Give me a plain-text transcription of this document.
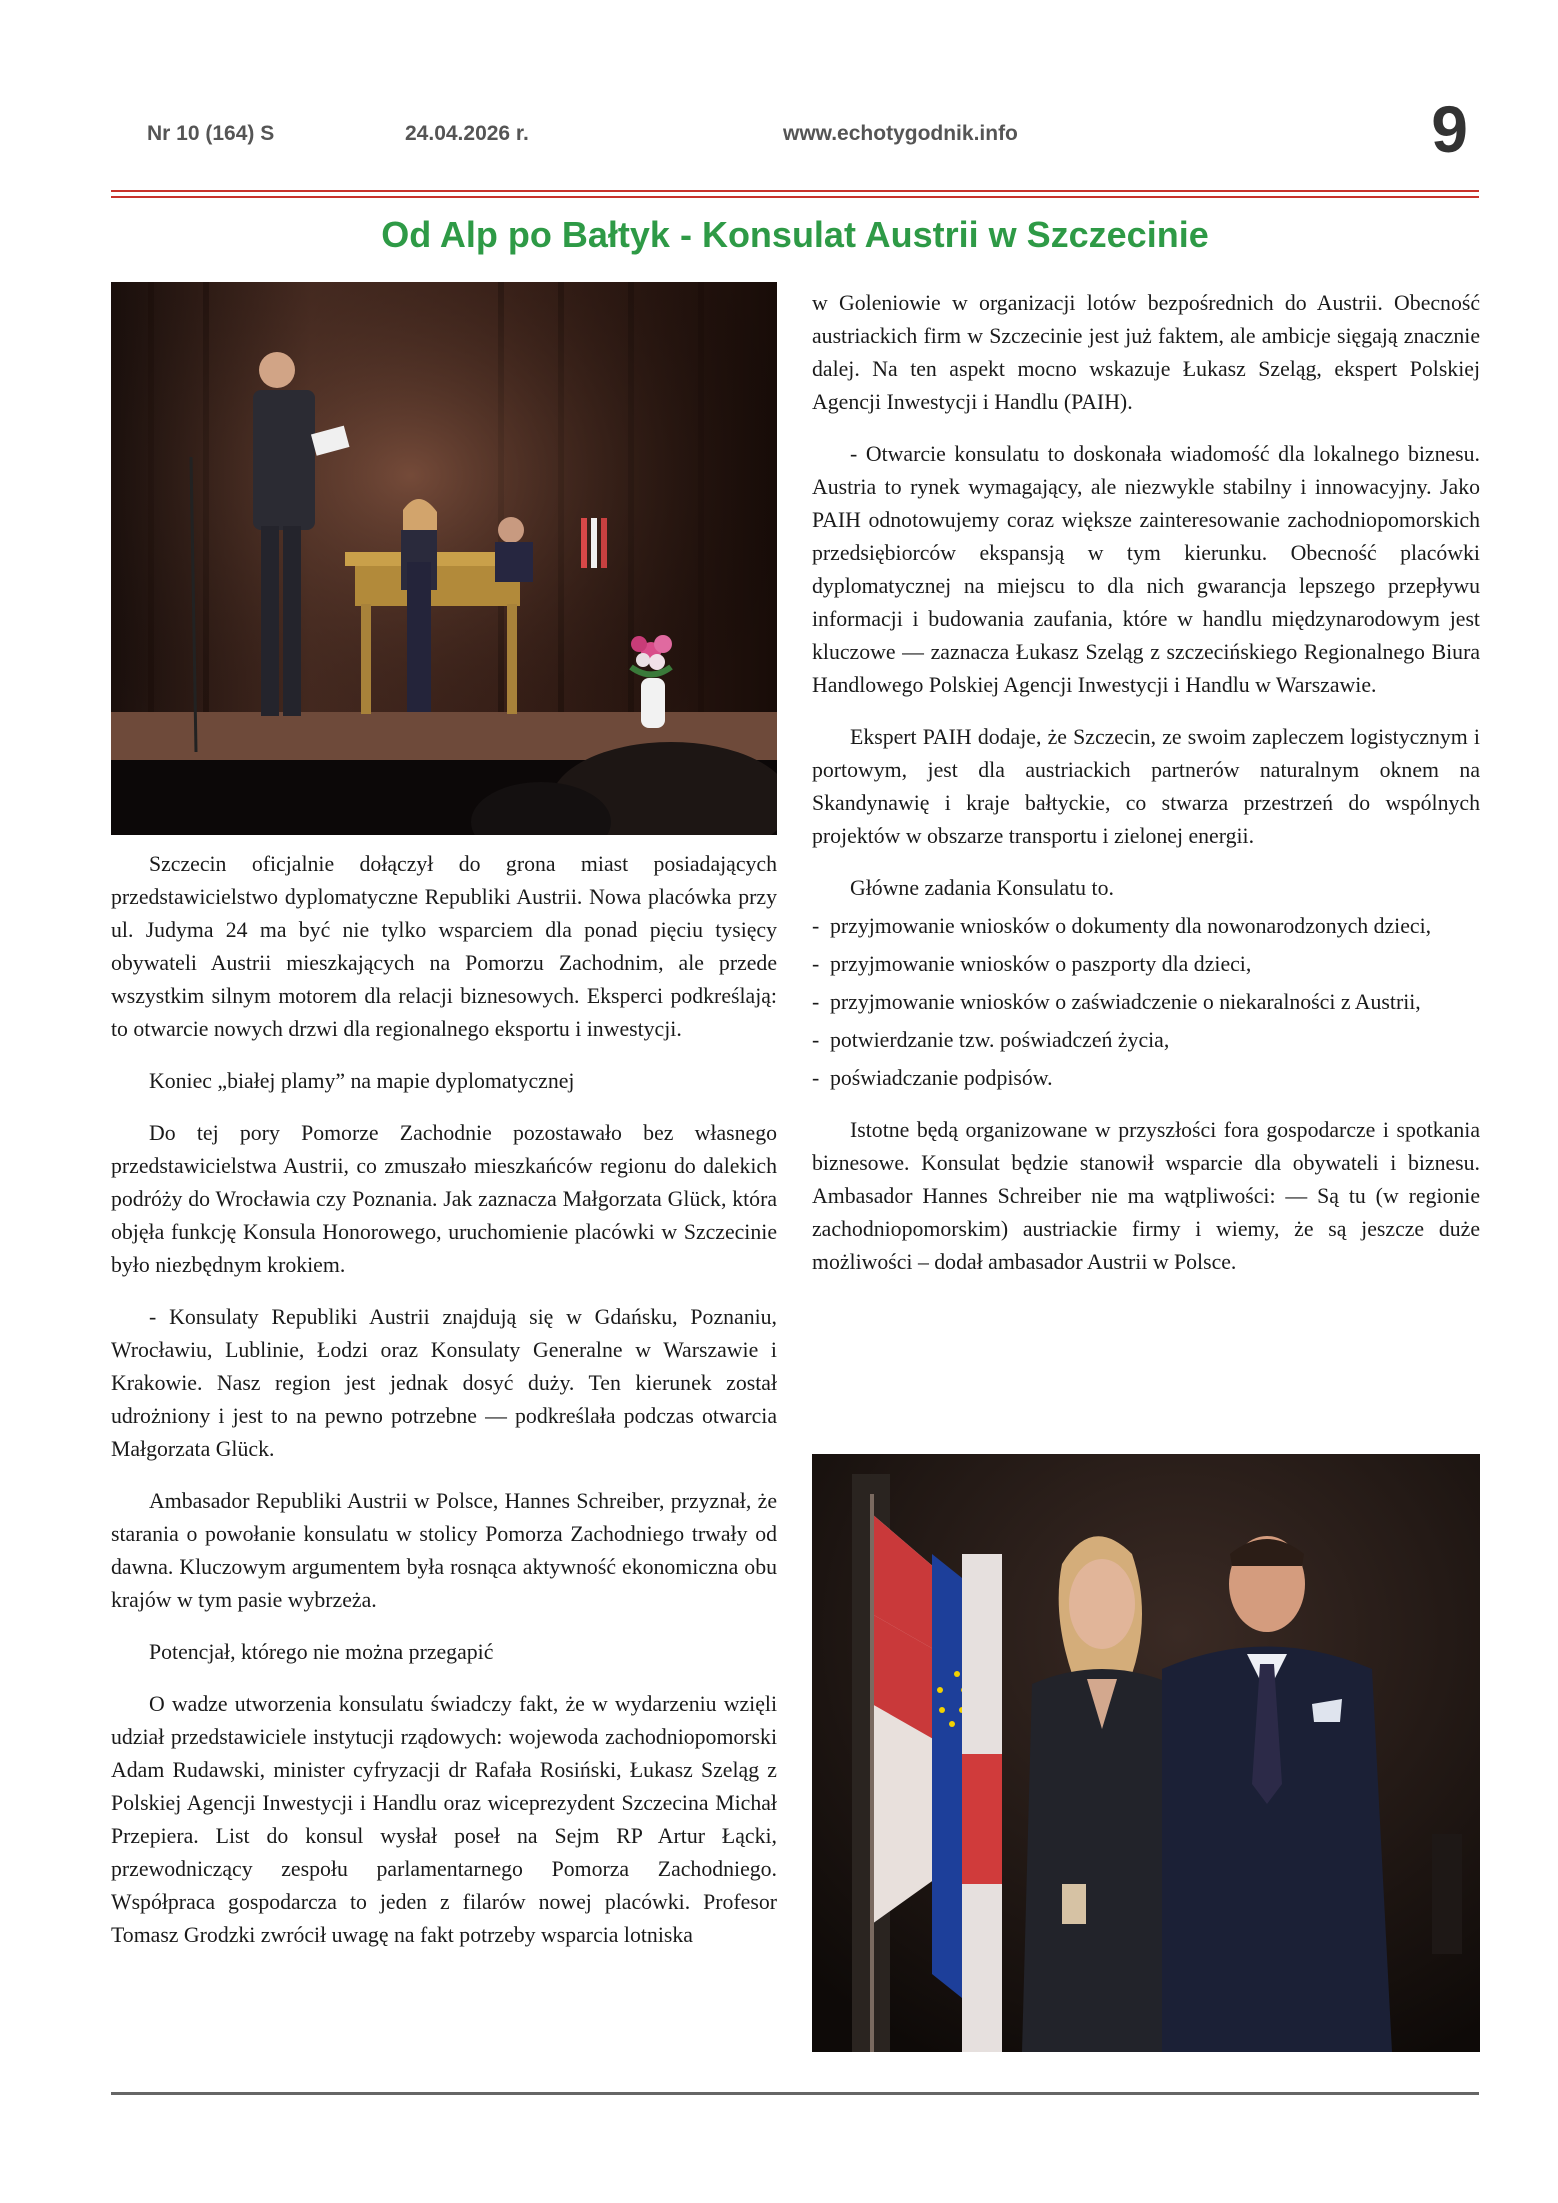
Nr 10 (164) S	24.04.2026 r.	www.echotygodnik.info	9
Od Alp po Bałtyk - Konsulat Austrii w Szczecinie

Szczecin oficjalnie dołączył do grona miast posiadających przedstawicielstwo dyplomatyczne Republiki Austrii. Nowa placówka przy ul. Judyma 24 ma być nie tylko wsparciem dla ponad pięciu tysięcy obywateli Austrii mieszkających na Pomorzu Zachodnim, ale przede wszystkim silnym motorem dla relacji biznesowych. Eksperci podkreślają: to otwarcie nowych drzwi dla regionalnego eksportu i inwestycji.

Koniec „białej plamy” na mapie dyplomatycznej

Do tej pory Pomorze Zachodnie pozostawało bez własnego przedstawicielstwa Austrii, co zmuszało mieszkańców regionu do dalekich podróży do Wrocławia czy Poznania. Jak zaznacza Małgorzata Glück, która objęła funkcję Konsula Honorowego, uruchomienie placówki w Szczecinie było niezbędnym krokiem.

- Konsulaty Republiki Austrii znajdują się w Gdańsku, Poznaniu, Wrocławiu, Lublinie, Łodzi oraz Konsulaty Generalne w Warszawie i Krakowie. Nasz region jest jednak dosyć duży. Ten kierunek został udrożniony i jest to na pewno potrzebne — podkreślała podczas otwarcia Małgorzata Glück.

Ambasador Republiki Austrii w Polsce, Hannes Schreiber, przyznał, że starania o powołanie konsulatu w stolicy Pomorza Zachodniego trwały od dawna. Kluczowym argumentem była rosnąca aktywność ekonomiczna obu krajów w tym pasie wybrzeża.

Potencjał, którego nie można przegapić

O wadze utworzenia konsulatu świadczy fakt, że w wydarzeniu wzięli udział przedstawiciele instytucji rządowych: wojewoda zachodniopomorski Adam Rudawski, minister cyfryzacji dr Rafała Rosiński, Łukasz Szeląg z Polskiej Agencji Inwestycji i Handlu oraz wiceprezydent Szczecina Michał Przepiera. List do konsul wysłał poseł na Sejm RP Artur Łącki, przewodniczący zespołu parlamentarnego Pomorza Zachodniego. Współpraca gospodarcza to jeden z filarów nowej placówki. Profesor Tomasz Grodzki zwrócił uwagę na fakt potrzeby wsparcia lotniska

w Goleniowie w organizacji lotów bezpośrednich do Austrii. Obecność austriackich firm w Szczecinie jest już faktem, ale ambicje sięgają znacznie dalej. Na ten aspekt mocno wskazuje Łukasz Szeląg, ekspert Polskiej Agencji Inwestycji i Handlu (PAIH).

- Otwarcie konsulatu to doskonała wiadomość dla lokalnego biznesu. Austria to rynek wymagający, ale niezwykle stabilny i innowacyjny. Jako PAIH odnotowujemy coraz większe zainteresowanie zachodniopomorskich przedsiębiorców ekspansją w tym kierunku. Obecność placówki dyplomatycznej na miejscu to dla nich gwarancja lepszego przepływu informacji i budowania zaufania, które w handlu międzynarodowym jest kluczowe — zaznacza Łukasz Szeląg z szczecińskiego Regionalnego Biura Handlowego Polskiej Agencji Inwestycji i Handlu w Warszawie.

Ekspert PAIH dodaje, że Szczecin, ze swoim zapleczem logistycznym i portowym, jest dla austriackich partnerów naturalnym oknem na Skandynawię i kraje bałtyckie, co stwarza przestrzeń do wspólnych projektów w obszarze transportu i zielonej energii.

Główne zadania Konsulatu to.

- przyjmowanie wniosków o dokumenty dla nowonarodzonych dzieci,

- przyjmowanie wniosków o paszporty dla dzieci,

- przyjmowanie wniosków o zaświadczenie o niekaralności z Austrii,

- potwierdzanie tzw. poświadczeń życia,

- poświadczanie podpisów.

Istotne będą organizowane w przyszłości fora gospodarcze i spotkania biznesowe. Konsulat będzie stanowił wsparcie dla obywateli i biznesu. Ambasador Hannes Schreiber nie ma wątpliwości: — Są tu (w regionie zachodniopomorskim) austriackie firmy i wiemy, że są jeszcze duże możliwości – dodał ambasador Austrii w Polsce.
